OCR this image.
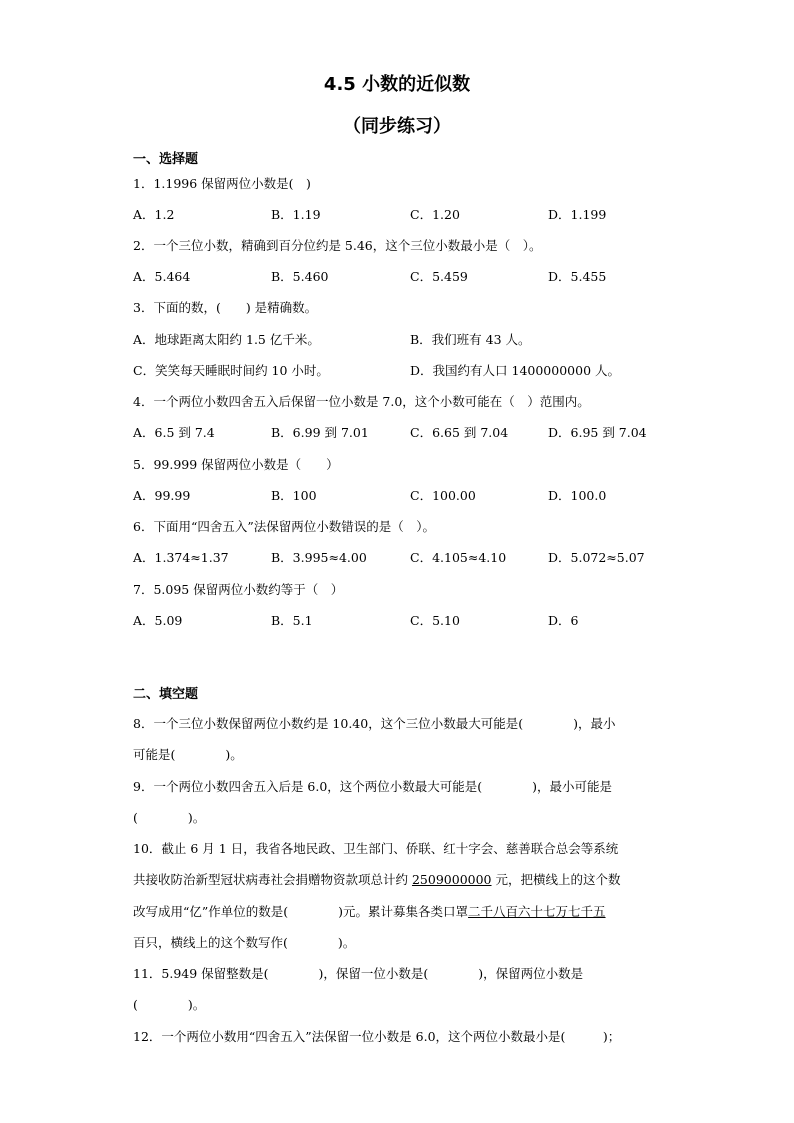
4.5 小数的近似数
（同步练习）
一、选择题
1．1.1996 保留两位小数是(　)
A．1.2	B．1.19	C．1.20	D．1.199
2．一个三位小数，精确到百分位约是 5.46，这个三位小数最小是（　）。
A．5.464	B．5.460	C．5.459	D．5.455
3．下面的数，(　　) 是精确数。
A．地球距离太阳约 1.5 亿千米。	B．我们班有 43 人。
C．笑笑每天睡眠时间约 10 小时。	D．我国约有人口 1400000000 人。
4．一个两位小数四舍五入后保留一位小数是 7.0，这个小数可能在（　）范围内。
A．6.5 到 7.4	B．6.99 到 7.01	C．6.65 到 7.04	D．6.95 到 7.04
5．99.999 保留两位小数是（　　）
A．99.99	B．100	C．100.00	D．100.0
6．下面用“四舍五入”法保留两位小数错误的是（　）。
A．1.374≈1.37	B．3.995≈4.00	C．4.105≈4.10	D．5.072≈5.07
7．5.095 保留两位小数约等于（　）
A．5.09	B．5.1	C．5.10	D．6
二、填空题
8．一个三位小数保留两位小数约是 10.40，这个三位小数最大可能是(　　　　)，最小
可能是(　　　　)。
9．一个两位小数四舍五入后是 6.0，这个两位小数最大可能是(　　　　)，最小可能是
(　　　　)。
10．截止 6 月 1 日，我省各地民政、卫生部门、侨联、红十字会、慈善联合总会等系统
共接收防治新型冠状病毒社会捐赠物资款项总计约 2509000000 元，把横线上的这个数
改写成用“亿”作单位的数是(　　　　)元。累计募集各类口罩二千八百六十七万七千五
百只，横线上的这个数写作(　　　　)。
11．5.949 保留整数是(　　　　)，保留一位小数是(　　　　)，保留两位小数是
(　　　　)。
12．一个两位小数用“四舍五入”法保留一位小数是 6.0，这个两位小数最小是(　　　)；
